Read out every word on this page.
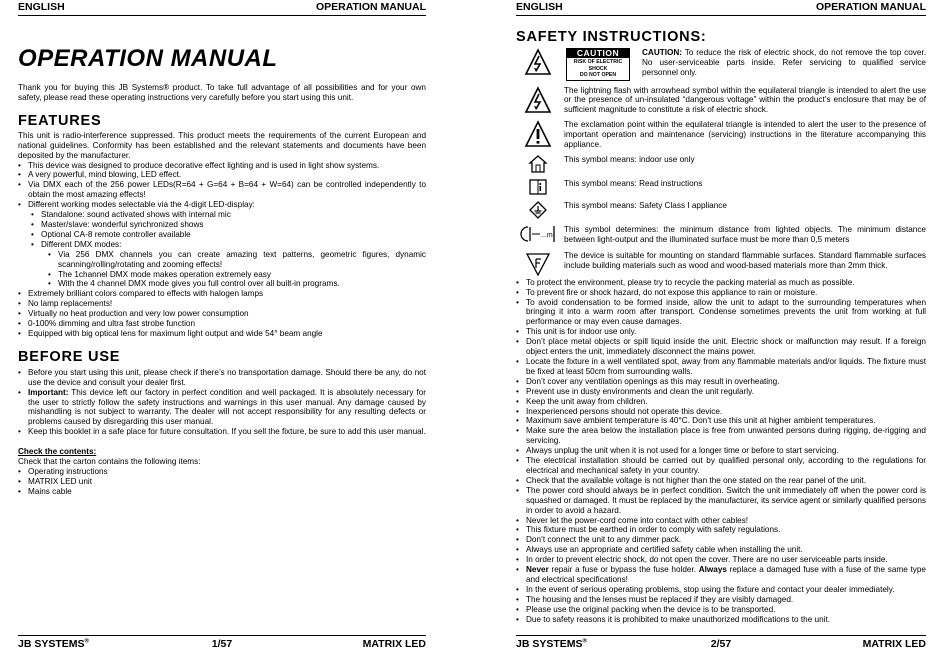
ENGLISH	OPERATION MANUAL
OPERATION MANUAL

Thank you for buying this JB Systems® product. To take full advantage of all possibilities and for your own safety, please read these operating instructions very carefully before you start using this unit.

FEATURES

This unit is radio-interference suppressed. This product meets the requirements of the current European and national guidelines. Conformity has been established and the relevant statements and documents have been deposited by the manufacturer.

• This device was designed to produce decorative effect lighting and is used in light show systems.
• A very powerful, mind blowing, LED effect.
• Via DMX each of the 256 power LEDs(R=64 + G=64 + B=64 + W=64) can be controlled independently to obtain the most amazing effects!
• Different working modes selectable via the 4-digit LED-display:
• Standalone: sound activated shows with internal mic
• Master/slave: wonderful synchronized shows
• Optional CA-8 remote controller available
• Different DMX modes:
• Via 256 DMX channels you can create amazing text patterns, geometric figures, dynamic scanning/rolling/rotating and zooming effects!
• The 1channel DMX mode makes operation extremely easy
• With the 4 channel DMX mode gives you full control over all built-in programs.
• Extremely brilliant colors compared to effects with halogen lamps
• No lamp replacements!
• Virtually no heat production and very low power consumption
• 0-100% dimming and ultra fast strobe function
• Equipped with big optical lens for maximum light output and wide 54° beam angle
BEFORE USE
• Before you start using this unit, please check if there’s no transportation damage. Should there be any, do not use the device and consult your dealer first.
• Important: This device left our factory in perfect condition and well packaged. It is absolutely necessary for the user to strictly follow the safety instructions and warnings in this user manual. Any damage caused by mishandling is not subject to warranty. The dealer will not accept responsibility for any resulting defects or problems caused by disregarding this user manual.
• Keep this booklet in a safe place for future consultation. If you sell the fixture, be sure to add this user manual.
Check the contents:

Check that the carton contains the following items:

• Operating instructions
• MATRIX LED unit
• Mains cable
JB SYSTEMS®	1/57	MATRIX LED
ENGLISH	OPERATION MANUAL
SAFETY INSTRUCTIONS:
CAUTION
RISK OF ELECTRIC SHOCK
DO NOT OPEN
CAUTION: To reduce the risk of electric shock, do not remove the top cover. No user-serviceable parts inside. Refer servicing to qualified service personnel only.
The lightning flash with arrowhead symbol within the equilateral triangle is intended to alert the use or the presence of un-insulated “dangerous voltage” within the product’s enclosure that may be of sufficient magnitude to constitute a risk of electric shock.
The exclamation point within the equilateral triangle is intended to alert the user to the presence of important operation and maintenance (servicing) instructions in the literature accompanying this appliance.
This symbol means: indoor use only
This symbol means: Read instructions
This symbol means: Safety Class I appliance
...m
This symbol determines: the minimum distance from lighted objects. The minimum distance between light-output and the illuminated surface must be more than 0,5 meters
The device is suitable for mounting on standard flammable surfaces. Standard flammable surfaces include building materials such as wood and wood-based materials more than 2mm thick.
• To protect the environment, please try to recycle the packing material as much as possible.
• To prevent fire or shock hazard, do not expose this appliance to rain or moisture.
• To avoid condensation to be formed inside, allow the unit to adapt to the surrounding temperatures when bringing it into a warm room after transport. Condense sometimes prevents the unit from working at full performance or may even cause damages.
• This unit is for indoor use only.
• Don’t place metal objects or spill liquid inside the unit. Electric shock or malfunction may result. If a foreign object enters the unit, immediately disconnect the mains power.
• Locate the fixture in a well ventilated spot, away from any flammable materials and/or liquids. The fixture must be fixed at least 50cm from surrounding walls.
• Don’t cover any ventilation openings as this may result in overheating.
• Prevent use in dusty environments and clean the unit regularly.
• Keep the unit away from children.
• Inexperienced persons should not operate this device.
• Maximum save ambient temperature is 40°C. Don’t use this unit at higher ambient temperatures.
• Make sure the area below the installation place is free from unwanted persons during rigging, de-rigging and servicing.
• Always unplug the unit when it is not used for a longer time or before to start servicing.
• The electrical installation should be carried out by qualified personal only, according to the regulations for electrical and mechanical safety in your country.
• Check that the available voltage is not higher than the one stated on the rear panel of the unit.
• The power cord should always be in perfect condition. Switch the unit immediately off when the power cord is squashed or damaged. It must be replaced by the manufacturer, its service agent or similarly qualified persons in order to avoid a hazard.
• Never let the power-cord come into contact with other cables!
• This fixture must be earthed in order to comply with safety regulations.
• Don’t connect the unit to any dimmer pack.
• Always use an appropriate and certified safety cable when installing the unit.
• In order to prevent electric shock, do not open the cover. There are no user serviceable parts inside.
• Never repair a fuse or bypass the fuse holder. Always replace a damaged fuse with a fuse of the same type and electrical specifications!
• In the event of serious operating problems, stop using the fixture and contact your dealer immediately.
• The housing and the lenses must be replaced if they are visibly damaged.
• Please use the original packing when the device is to be transported.
• Due to safety reasons it is prohibited to make unauthorized modifications to the unit.
JB SYSTEMS®	2/57	MATRIX LED
